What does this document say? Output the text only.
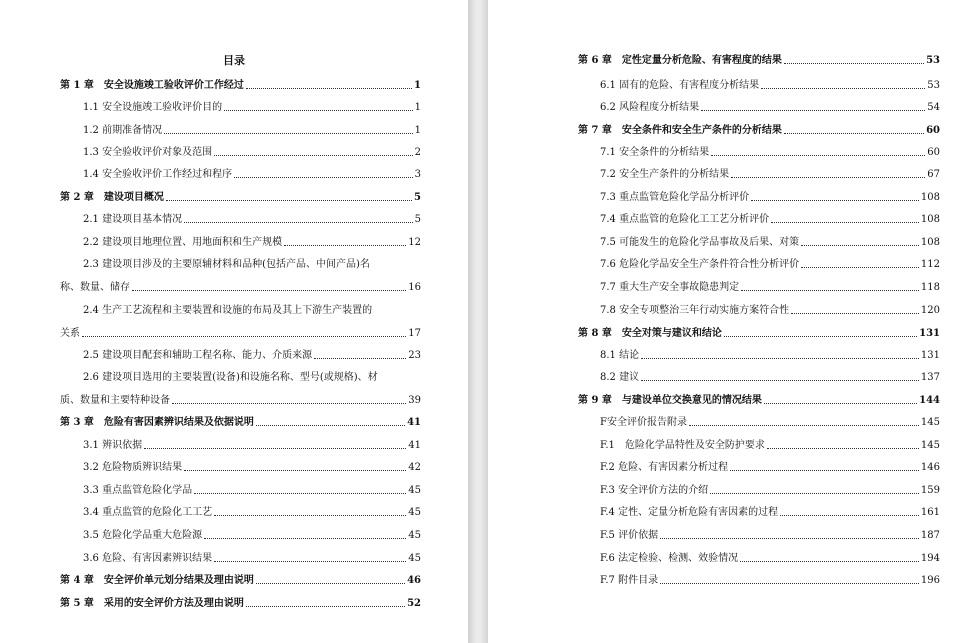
目录
第 1 章　安全设施竣工验收评价工作经过	1
1.1 安全设施竣工验收评价目的	1
1.2 前期准备情况	1
1.3 安全验收评价对象及范围	2
1.4 安全验收评价工作经过和程序	3
第 2 章　建设项目概况	5
2.1 建设项目基本情况	5
2.2 建设项目地理位置、用地面积和生产规模	12
2.3 建设项目涉及的主要原辅材料和品种(包括产品、中间产品)名
称、数量、储存	16
2.4 生产工艺流程和主要装置和设施的布局及其上下游生产装置的
关系	17
2.5 建设项目配套和辅助工程名称、能力、介质来源	23
2.6 建设项目选用的主要装置(设备)和设施名称、型号(或规格)、材
质、数量和主要特种设备	39
第 3 章　危险有害因素辨识结果及依据说明	41
3.1 辨识依据	41
3.2 危险物质辨识结果	42
3.3 重点监管危险化学品	45
3.4 重点监管的危险化工工艺	45
3.5 危险化学品重大危险源	45
3.6 危险、有害因素辨识结果	45
第 4 章　安全评价单元划分结果及理由说明	46
第 5 章　采用的安全评价方法及理由说明	52
第 6 章　定性定量分析危险、有害程度的结果	53
6.1 固有的危险、有害程度分析结果	53
6.2 风险程度分析结果	54
第 7 章　安全条件和安全生产条件的分析结果	60
7.1 安全条件的分析结果	60
7.2 安全生产条件的分析结果	67
7.3 重点监管危险化学品分析评价	108
7.4 重点监管的危险化工工艺分析评价	108
7.5 可能发生的危险化学品事故及后果、对策	108
7.6 危险化学品安全生产条件符合性分析评价	112
7.7 重大生产安全事故隐患判定	118
7.8 安全专项整治三年行动实施方案符合性	120
第 8 章　安全对策与建议和结论	131
8.1 结论	131
8.2 建议	137
第 9 章　与建设单位交换意见的情况结果	144
F安全评价报告附录	145
F.1　危险化学品特性及安全防护要求	145
F.2 危险、有害因素分析过程	146
F.3 安全评价方法的介绍	159
F.4 定性、定量分析危险有害因素的过程	161
F.5 评价依据	187
F.6 法定检验、检测、效验情况	194
F.7 附件目录	196
